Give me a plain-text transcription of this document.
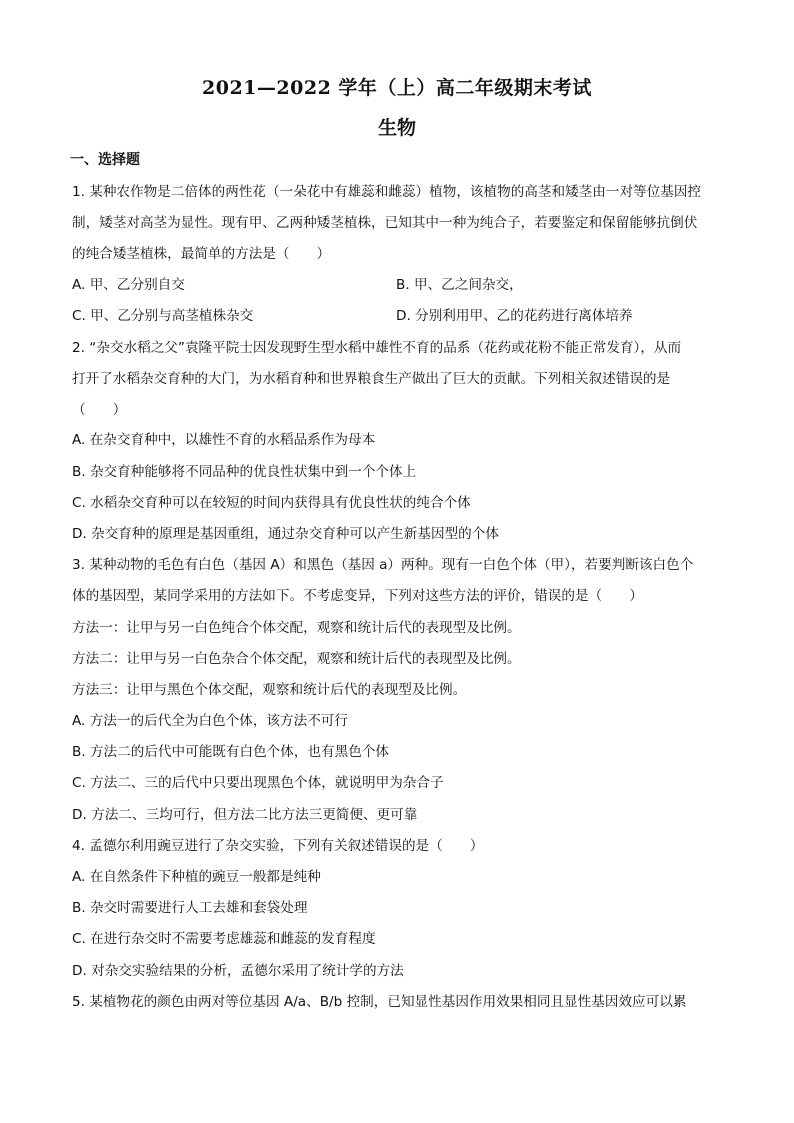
2021—2022 学年（上）高二年级期末考试
生物
一、选择题
1. 某种农作物是二倍体的两性花（一朵花中有雄蕊和雌蕊）植物，该植物的高茎和矮茎由一对等位基因控
制，矮茎对高茎为显性。现有甲、乙两种矮茎植株，已知其中一种为纯合子，若要鉴定和保留能够抗倒伏
的纯合矮茎植株，最简单的方法是（　　）
A. 甲、乙分别自交	B. 甲、乙之间杂交，
C. 甲、乙分别与高茎植株杂交	D. 分别利用甲、乙的花药进行离体培养
2. “杂交水稻之父”袁隆平院士因发现野生型水稻中雄性不育的品系（花药或花粉不能正常发育），从而
打开了水稻杂交育种的大门，为水稻育种和世界粮食生产做出了巨大的贡献。下列相关叙述错误的是
（　　）
A. 在杂交育种中，以雄性不育的水稻品系作为母本
B. 杂交育种能够将不同品种的优良性状集中到一个个体上
C. 水稻杂交育种可以在较短的时间内获得具有优良性状的纯合个体
D. 杂交育种的原理是基因重组，通过杂交育种可以产生新基因型的个体
3. 某种动物的毛色有白色（基因 A）和黑色（基因 a）两种。现有一白色个体（甲），若要判断该白色个
体的基因型，某同学采用的方法如下。不考虑变异，下列对这些方法的评价，错误的是（　　）
方法一：让甲与另一白色纯合个体交配，观察和统计后代的表现型及比例。
方法二：让甲与另一白色杂合个体交配，观察和统计后代的表现型及比例。
方法三：让甲与黑色个体交配，观察和统计后代的表现型及比例。
A. 方法一的后代全为白色个体，该方法不可行
B. 方法二的后代中可能既有白色个体，也有黑色个体
C. 方法二、三的后代中只要出现黑色个体，就说明甲为杂合子
D. 方法二、三均可行，但方法二比方法三更简便、更可靠
4. 孟德尔利用豌豆进行了杂交实验，下列有关叙述错误的是（　　）
A. 在自然条件下种植的豌豆一般都是纯种
B. 杂交时需要进行人工去雄和套袋处理
C. 在进行杂交时不需要考虑雄蕊和雌蕊的发育程度
D. 对杂交实验结果的分析，孟德尔采用了统计学的方法
5. 某植物花的颜色由两对等位基因 A/a、B/b 控制，已知显性基因作用效果相同且显性基因效应可以累
